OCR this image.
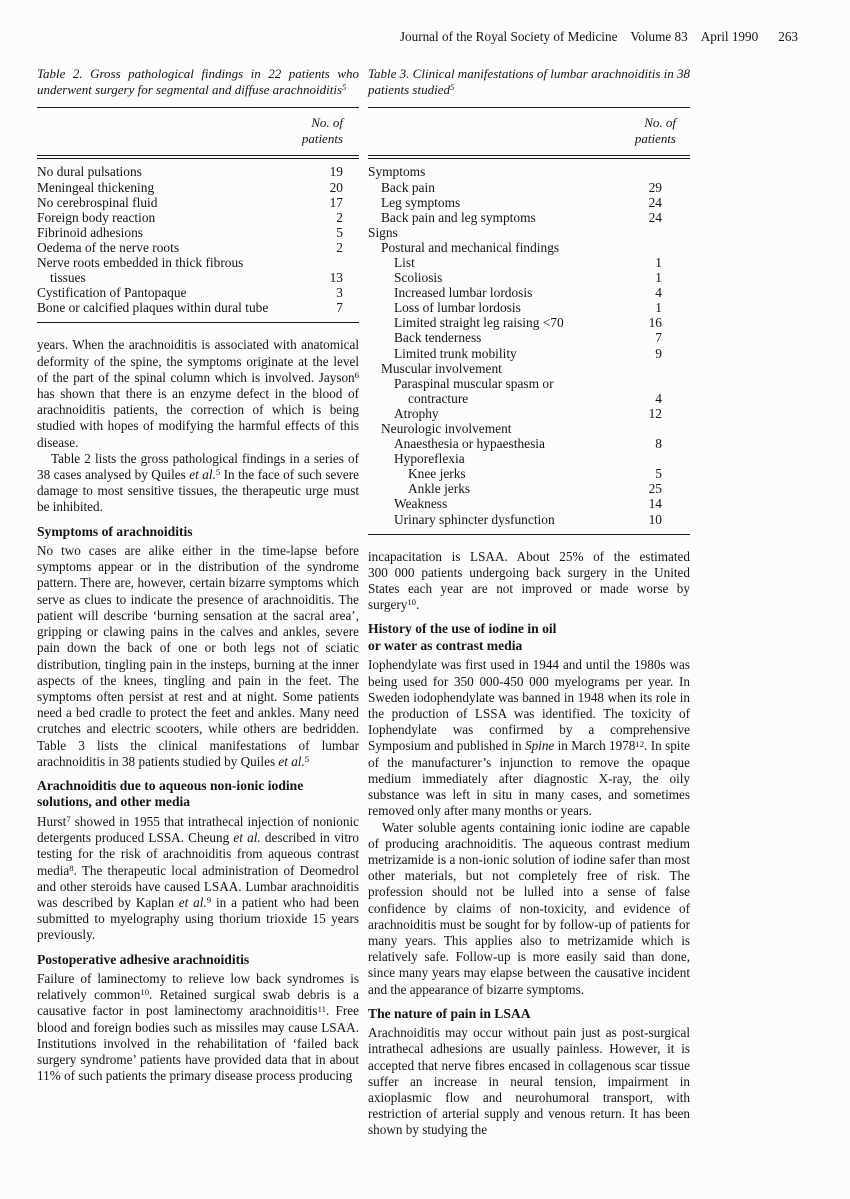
Journal of the Royal Society of Medicine Volume 83 April 1990 263
Table 2. Gross pathological findings in 22 patients who underwent surgery for segmental and diffuse arachnoiditis$^5$
No. of
patients
No dural pulsations	19
Meningeal thickening	20
No cerebrospinal fluid	17
Foreign body reaction	2
Fibrinoid adhesions	5
Oedema of the nerve roots	2
Nerve roots embedded in thick fibrous
tissues	13
Cystification of Pantopaque	3
Bone or calcified plaques within dural tube	7

years. When the arachnoiditis is associated with anatomical deformity of the spine, the symptoms originate at the level of the part of the spinal column which is involved. Jayson$^6$ has shown that there is an enzyme defect in the blood of arachnoiditis patients, the correction of which is being studied with hopes of modifying the harmful effects of this disease.

Table 2 lists the gross pathological findings in a series of 38 cases analysed by Quiles et al.$^5$ In the face of such severe damage to most sensitive tissues, the therapeutic urge must be inhibited.

Symptoms of arachnoiditis

No two cases are alike either in the time-lapse before symptoms appear or in the distribution of the syndrome pattern. There are, however, certain bizarre symptoms which serve as clues to indicate the presence of arachnoiditis. The patient will describe ‘burning sensation at the sacral area’, gripping or clawing pains in the calves and ankles, severe pain down the back of one or both legs not of sciatic distribution, tingling pain in the insteps, burning at the inner aspects of the knees, tingling and pain in the feet. The symptoms often persist at rest and at night. Some patients need a bed cradle to protect the feet and ankles. Many need crutches and electric scooters, while others are bedridden. Table 3 lists the clinical manifestations of lumbar arachnoiditis in 38 patients studied by Quiles et al.$^5$

Arachnoiditis due to aqueous non-ionic iodine
solutions, and other media

Hurst$^7$ showed in 1955 that intrathecal injection of nonionic detergents produced LSSA. Cheung et al. described in vitro testing for the risk of arachnoiditis from aqueous contrast media$^8$. The therapeutic local administration of Deomedrol and other steroids have caused LSAA. Lumbar arachnoiditis was described by Kaplan et al.$^9$ in a patient who had been submitted to myelography using thorium trioxide 15 years previously.

Postoperative adhesive arachnoiditis

Failure of laminectomy to relieve low back syndromes is relatively common$^{10}$. Retained surgical swab debris is a causative factor in post laminectomy arachnoiditis$^{11}$. Free blood and foreign bodies such as missiles may cause LSAA. Institutions involved in the rehabilitation of ‘failed back surgery syndrome’ patients have provided data that in about 11% of such patients the primary disease process producing

Table 3. Clinical manifestations of lumbar arachnoiditis in 38 patients studied$^5$
No. of
patients
Symptoms
Back pain	29
Leg symptoms	24
Back pain and leg symptoms	24
Signs
Postural and mechanical findings
List	1
Scoliosis	1
Increased lumbar lordosis	4
Loss of lumbar lordosis	1
Limited straight leg raising <70	16
Back tenderness	7
Limited trunk mobility	9
Muscular involvement
Paraspinal muscular spasm or
contracture	4
Atrophy	12
Neurologic involvement
Anaesthesia or hypaesthesia	8
Hyporeflexia
Knee jerks	5
Ankle jerks	25
Weakness	14
Urinary sphincter dysfunction	10

incapacitation is LSAA. About 25% of the estimated 300 000 patients undergoing back surgery in the United States each year are not improved or made worse by surgery$^{10}$.

History of the use of iodine in oil
or water as contrast media

Iophendylate was first used in 1944 and until the 1980s was being used for 350 000-450 000 myelograms per year. In Sweden iodophendylate was banned in 1948 when its role in the production of LSSA was identified. The toxicity of Iophendylate was confirmed by a comprehensive Symposium and published in Spine in March 1978$^{12}$. In spite of the manufacturer’s injunction to remove the opaque medium immediately after diagnostic X-ray, the oily substance was left in situ in many cases, and sometimes removed only after many months or years.

Water soluble agents containing ionic iodine are capable of producing arachnoiditis. The aqueous contrast medium metrizamide is a non-ionic solution of iodine safer than most other materials, but not completely free of risk. The profession should not be lulled into a sense of false confidence by claims of non-toxicity, and evidence of arachnoiditis must be sought for by follow-up of patients for many years. This applies also to metrizamide which is relatively safe. Follow-up is more easily said than done, since many years may elapse between the causative incident and the appearance of bizarre symptoms.

The nature of pain in LSAA

Arachnoiditis may occur without pain just as post-surgical intrathecal adhesions are usually painless. However, it is accepted that nerve fibres encased in collagenous scar tissue suffer an increase in neural tension, impairment in axioplasmic flow and neurohumoral transport, with restriction of arterial supply and venous return. It has been shown by studying the
